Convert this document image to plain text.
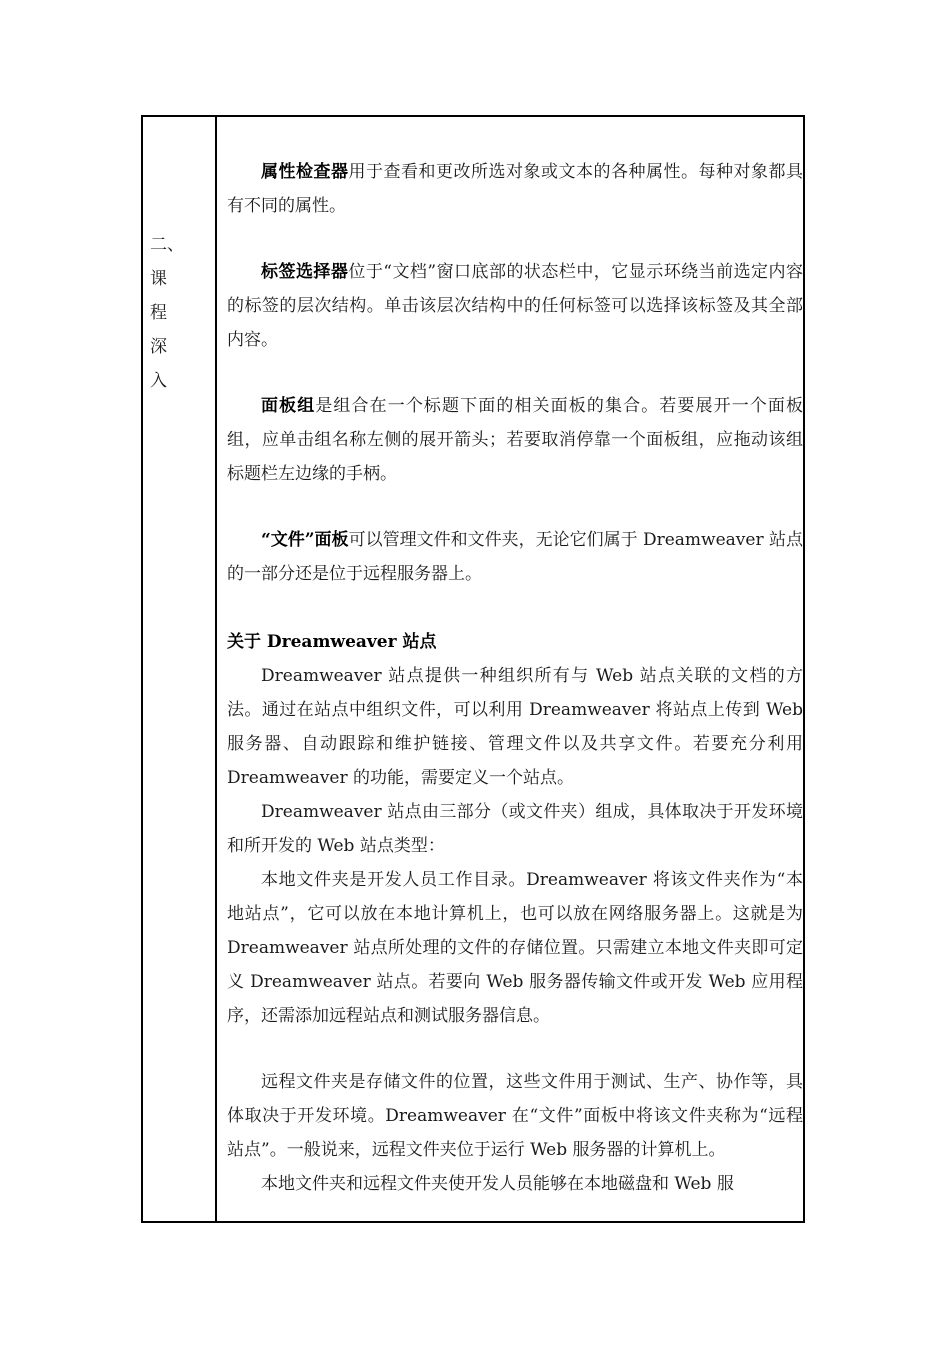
二、
课
程
深
入

属性检查器用于查看和更改所选对象或文本的各种属性。每种对象都具有不同的属性。

标签选择器位于“文档”窗口底部的状态栏中，它显示环绕当前选定内容的标签的层次结构。单击该层次结构中的任何标签可以选择该标签及其全部内容。

面板组是组合在一个标题下面的相关面板的集合。若要展开一个面板组，应单击组名称左侧的展开箭头；若要取消停靠一个面板组，应拖动该组标题栏左边缘的手柄。

“文件”面板可以管理文件和文件夹，无论它们属于 Dreamweaver 站点的一部分还是位于远程服务器上。

关于 Dreamweaver 站点

Dreamweaver 站点提供一种组织所有与 Web 站点关联的文档的方法。通过在站点中组织文件，可以利用 Dreamweaver 将站点上传到 Web 服务器、自动跟踪和维护链接、管理文件以及共享文件。若要充分利用 Dreamweaver 的功能，需要定义一个站点。

Dreamweaver 站点由三部分（或文件夹）组成，具体取决于开发环境和所开发的 Web 站点类型：

本地文件夹是开发人员工作目录。Dreamweaver 将该文件夹作为“本地站点”，它可以放在本地计算机上，也可以放在网络服务器上。这就是为 Dreamweaver 站点所处理的文件的存储位置。只需建立本地文件夹即可定义 Dreamweaver 站点。若要向 Web 服务器传输文件或开发 Web 应用程序，还需添加远程站点和测试服务器信息。

远程文件夹是存储文件的位置，这些文件用于测试、生产、协作等，具体取决于开发环境。Dreamweaver 在“文件”面板中将该文件夹称为“远程站点”。一般说来，远程文件夹位于运行 Web 服务器的计算机上。

本地文件夹和远程文件夹使开发人员能够在本地磁盘和 Web 服
